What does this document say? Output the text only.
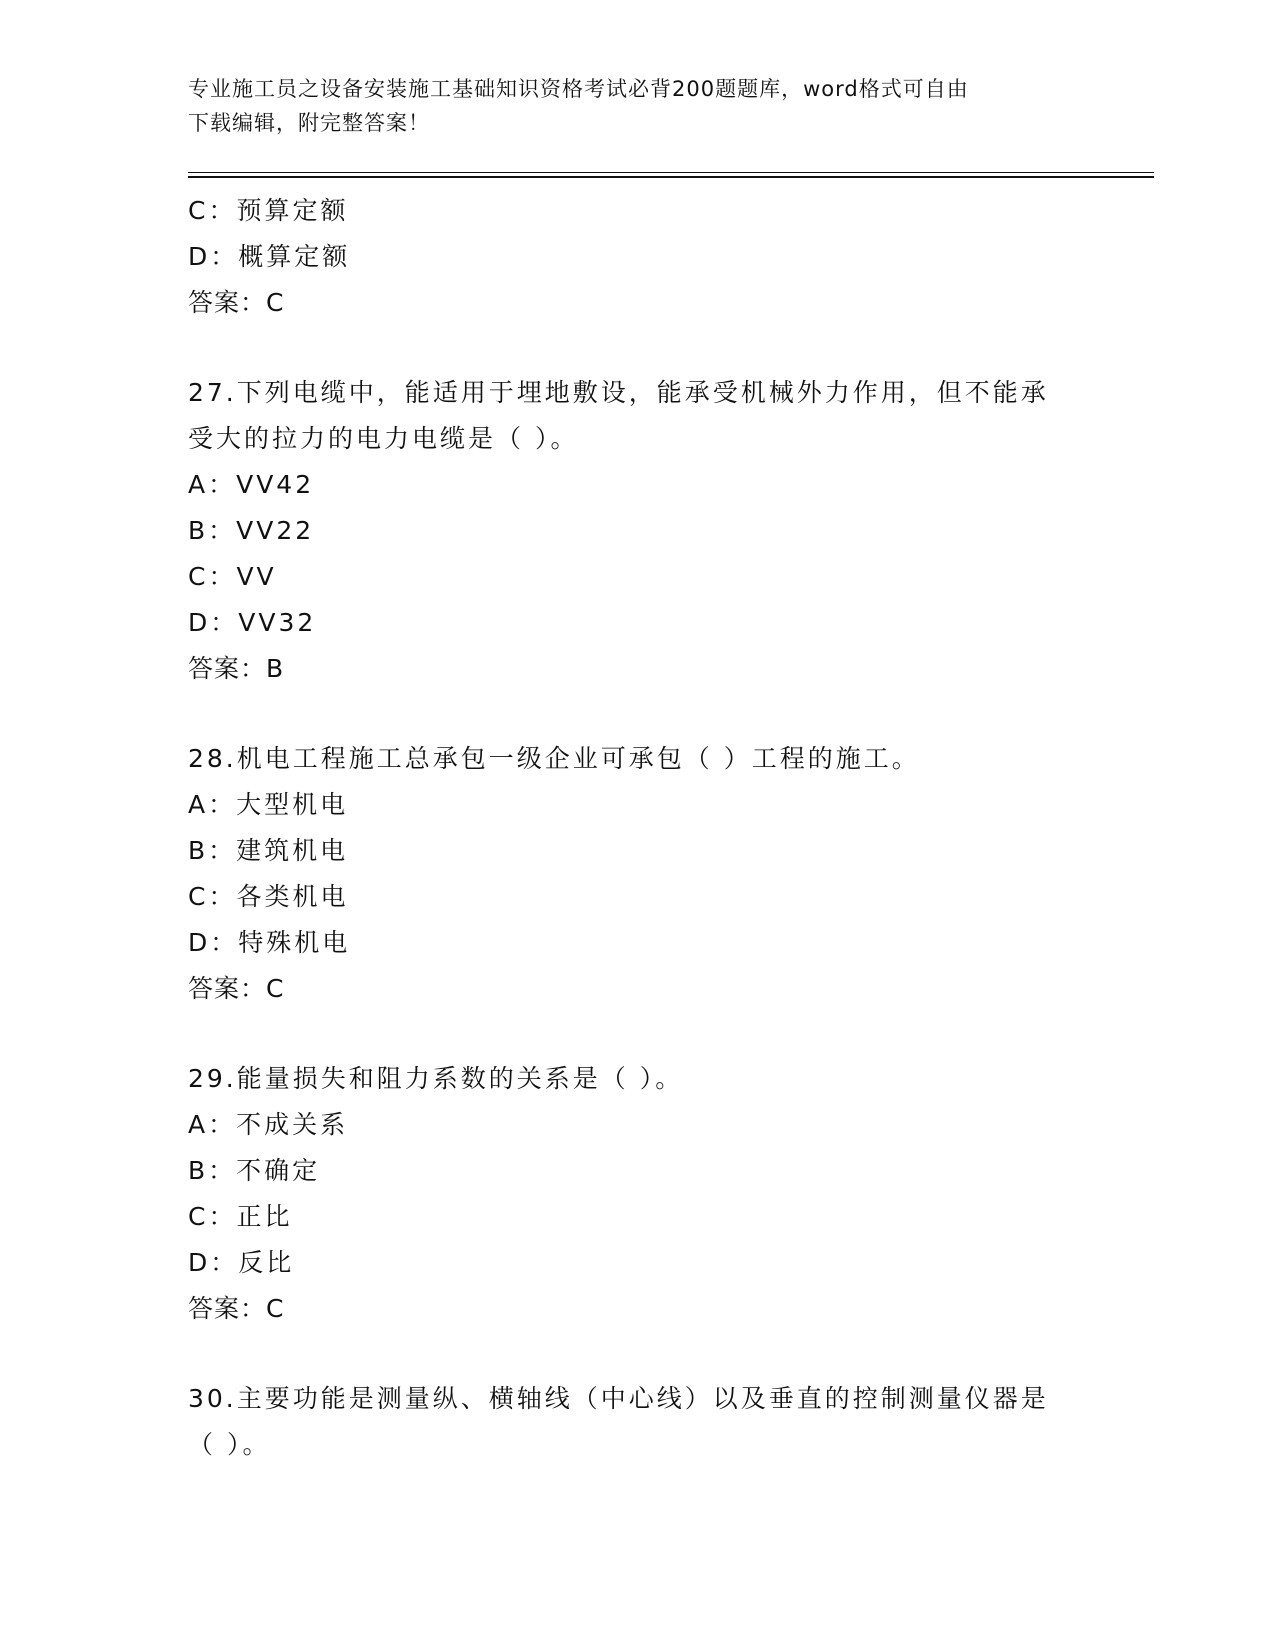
专业施工员之设备安装施工基础知识资格考试必背200题题库，word格式可自由
下载编辑，附完整答案！
C：预算定额
D：概算定额
答案：C
27.下列电缆中，能适用于埋地敷设，能承受机械外力作用，但不能承
受大的拉力的电力电缆是（ ）。
A：VV42
B：VV22
C：VV
D：VV32
答案：B
28.机电工程施工总承包一级企业可承包（ ）工程的施工。
A：大型机电
B：建筑机电
C：各类机电
D：特殊机电
答案：C
29.能量损失和阻力系数的关系是（ ）。
A：不成关系
B：不确定
C：正比
D：反比
答案：C
30.主要功能是测量纵、横轴线（中心线）以及垂直的控制测量仪器是
（ ）。
